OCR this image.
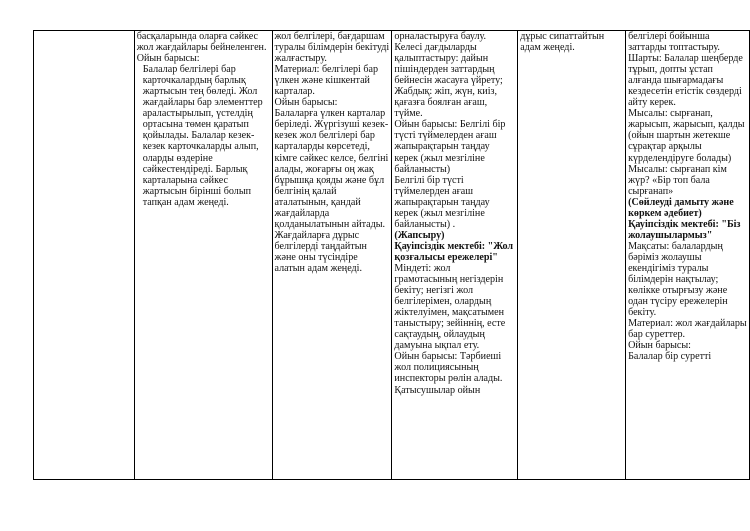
басқаларында оларға сәйкес жол жағдайлары бейнеленген.
Ойын барысы:
Балалар белгілері бар карточкалардың барлық жартысын тең бөледі. Жол жағдайлары бар элементтер араластырылып, үстелдің ортасына төмен қаратып қойылады. Балалар кезек-кезек карточкаларды алып, оларды өздеріне сәйкестендіреді. Барлық карталарына сәйкес жартысын бірінші болып тапқан адам жеңеді.

жол белгілері, бағдаршам туралы білімдерін бекітуді жалғастыру.
Материал: белгілері бар үлкен және кішкентай карталар.
Ойын барысы:
Балаларға үлкен карталар беріледі. Жүргізуші кезек-кезек жол белгілері бар карталарды көрсетеді, кімге сәйкес келсе, белгіні алады, жоғарғы оң жақ бұрышқа қояды және бұл белгінің қалай аталатынын, қандай жағдайларда қолданылатынын айтады. Жағдайларға дұрыс белгілерді таңдайтын және оны түсіндіре алатын адам жеңеді.

орналастыруға баулу.
Келесі дағдыларды қалыптастыру: дайын пішіндерден заттардың бейнесін жасауға үйрету;
Жабдық: жіп, жүн, киіз, қағазға боялған ағаш, түйме.
Ойын барысы: Белгілі бір түсті түймелерден ағаш жапырақтарын таңдау керек (жыл мезгіліне байланысты)
Белгілі бір түсті түймелерден ағаш жапырақтарын таңдау керек (жыл мезгіліне байланысты) .
(Жапсыру)
Қауіпсіздік мектебі: "Жол қозғалысы ережелері"
Міндеті: жол грамотасының негіздерін бекіту; негізгі жол белгілерімен, олардың жіктелуімен, мақсатымен таныстыру; зейіннің, есте сақтаудың, ойлаудың дамуына ықпал ету.
Ойын барысы: Тәрбиеші жол полициясының инспекторы рөлін алады. Қатысушылар ойын

дұрыс сипаттайтын адам жеңеді.

белгілері бойынша заттарды топтастыру.
Шарты: Балалар шеңберде тұрып, допты ұстап алғанда шығармадағы кездесетін етістік сөздерді айту керек.
Мысалы: сырғанап, жарысып, жарысып, қалды
(ойын шартын жетекше сұрақтар арқылы күрделендіруге болады)
Мысалы: сырғанап кім жүр? «Бір топ бала сырғанап»
(Сөйлеуді дамыту және көркем әдебиет)
Қауіпсіздік мектебі: "Біз жолаушылармыз"
Мақсаты: балалардың бәрімiз жолаушы екендігіміз туралы білімдерін нақтылау; көлікке отырғызу және одан түсіру ережелерін бекіту.
Материал: жол жағдайлары бар суреттер.
Ойын барысы:
Балалар бір суретті
